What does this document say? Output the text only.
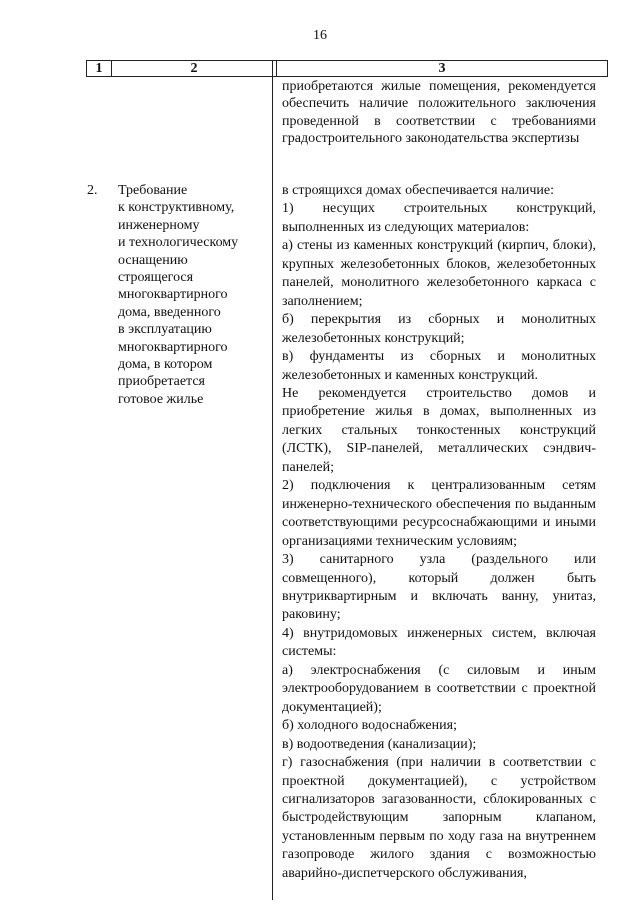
16
1	2	3
приобретаются жилые помещения, рекомендуется обеспечить наличие положительного заключения проведенной в соответствии с требованиями градостроительного законодательства экспертизы
2. Требование
к конструктивному,
инженерному
и технологическому
оснащению
строящегося
многоквартирного
дома, введенного
в эксплуатацию
многоквартирного
дома, в котором
приобретается
готовое жилье

в строящихся домах обеспечивается наличие:

1) несущих строительных конструкций, выполненных из следующих материалов:

а) стены из каменных конструкций (кирпич, блоки), крупных железобетонных блоков, железобетонных панелей, монолитного железобетонного каркаса с заполнением;

б) перекрытия из сборных и монолитных железобетонных конструкций;

в) фундаменты из сборных и монолитных железобетонных и каменных конструкций.

Не рекомендуется строительство домов и приобретение жилья в домах, выполненных из легких стальных тонкостенных конструкций (ЛСТК), SIP-панелей, металлических сэндвич-панелей;

2) подключения к централизованным сетям инженерно-технического обеспечения по выданным соответствующими ресурсоснабжающими и иными организациями техническим условиям;

3) санитарного узла (раздельного или совмещенного), который должен быть внутриквартирным и включать ванну, унитаз, раковину;

4) внутридомовых инженерных систем, включая системы:

а) электроснабжения (с силовым и иным электрооборудованием в соответствии с проектной документацией);

б) холодного водоснабжения;

в) водоотведения (канализации);

г) газоснабжения (при наличии в соответствии с проектной документацией), с устройством сигнализаторов загазованности, сблокированных с быстродействующим запорным клапаном, установленным первым по ходу газа на внутреннем газопроводе жилого здания с возможностью аварийно-диспетчерского обслуживания,
